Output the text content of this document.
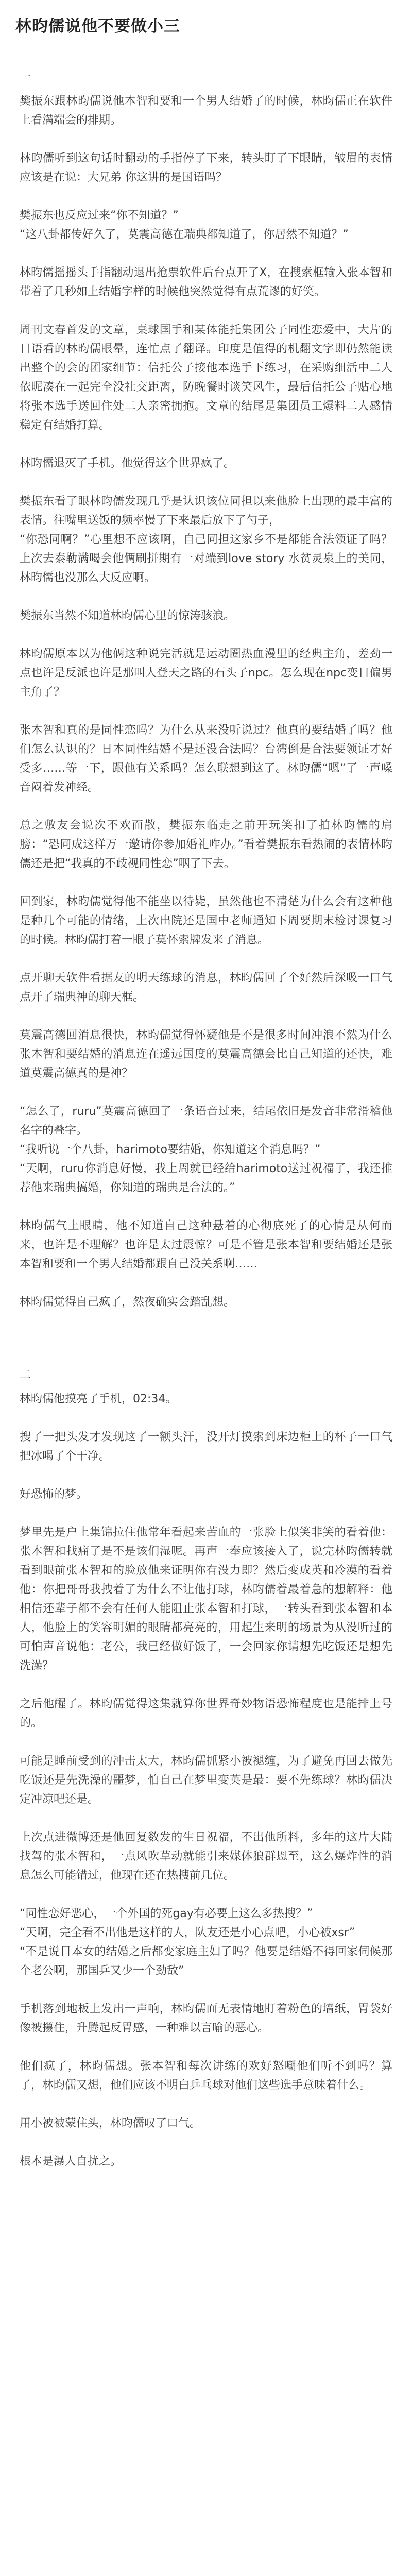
林昀儒说他不要做小三
一

樊振东跟林昀儒说他本智和要和一个男人结婚了的时候，林昀儒正在软件上看满端会的排期。

林昀儒听到这句话时翻动的手指停了下来，转头盯了下眼睛，皱眉的表情应该是在说：大兄弟 你这讲的是国语吗？

樊振东也反应过来“你不知道？”
“这八卦都传好久了，莫震高德在瑞典都知道了，你居然不知道？”

林昀儒摇摇头手指翻动退出抢票软件后台点开了X，在搜索框输入张本智和带着了几秒如上结婚字样的时候他突然觉得有点荒谬的好笑。

周刊文春首发的文章，桌球国手和某体能托集团公子同性恋爱中，大片的日语看的林昀儒眼晕，连忙点了翻译。印度是值得的机翻文字即仍然能读出整个的会的团家细节：信托公子接他本选手下练习，在采购细活中二人依昵凑在一起完全没社交距离，防晚餐时谈笑风生，最后信托公子贴心地将张本选手送回住处二人亲密拥抱。文章的结尾是集团员工爆料二人感情稳定有结婚打算。

林昀儒退灭了手机。他觉得这个世界疯了。

樊振东看了眼林昀儒发现几乎是认识该位同担以来他脸上出现的最丰富的表情。往嘴里送饭的频率慢了下来最后放下了勺子，
“你恐同啊？”心里想不应该啊，自己同担这家乡不是都能合法领证了吗？上次去泰勒满喝会他俩刷拼期有一对端到love story 水贫灵泉上的美同，林昀儒也没那么大反应啊。

樊振东当然不知道林昀儒心里的惊涛骇浪。

林昀儒原本以为他俩这种说完活就是运动圈热血漫里的经典主角，差劲一点也许是反派也许是那叫人登天之路的石头子npc。怎么现在npc变日偏男主角了？

张本智和真的是同性恋吗？为什么从来没听说过？他真的要结婚了吗？他们怎么认识的？日本同性结婚不是还没合法吗？台湾倒是合法要领证才好受多……等一下，跟他有关系吗？怎么联想到这了。林昀儒“嗯”了一声嗓音闷着发神经。

总之敷友会说次不欢而散，樊振东临走之前开玩笑扣了拍林昀儒的肩膀：“恐同成这样万一邀请你参加婚礼咋办。”看着樊振东看热闹的表情林昀儒还是把“我真的不歧视同性恋”咽了下去。

回到家，林昀儒觉得他不能坐以待毙，虽然他也不清楚为什么会有这种他是种几个可能的情绪，上次出院还是国中老师通知下周要期末检讨课复习的时候。林昀儒打着一眼子莫怀索牌发来了消息。

点开聊天软件看据友的明天练球的消息，林昀儒回了个好然后深吸一口气点开了瑞典神的聊天框。

莫震高德回消息很快，林昀儒觉得怀疑他是不是很多时间冲浪不然为什么张本智和要结婚的消息连在遥远国度的莫震高德会比自己知道的还快，难道莫震高德真的是神？

“怎么了，ruru”莫震高德回了一条语音过来，结尾依旧是发音非常滑稽他名字的叠字。
“我听说一个八卦，harimoto要结婚，你知道这个消息吗？”
“天啊，ruru你消息好慢，我上周就已经给harimoto送过祝福了，我还推荐他来瑞典搞婚，你知道的瑞典是合法的。”

林昀儒气上眼睛，他不知道自己这种悬着的心彻底死了的心情是从何而来，也许是不理解？也许是太过震惊？可是不管是张本智和要结婚还是张本智和要和一个男人结婚都跟自己没关系啊……

林昀儒觉得自己疯了，然夜确实会踏乱想。

二

林昀儒他摸亮了手机，02:34。

搜了一把头发才发现这了一额头汗，没开灯摸索到床边柜上的杯子一口气把冰喝了个干净。

好恐怖的梦。

梦里先是户上集锦拉住他常年看起来苦血的一张脸上似笑非笑的看着他：张本智和找痛了是不是该们湿呢。再声一奉应该接入了，说完林昀儒转就看到眼前张本智和的脸放他来证明你有没力即？然后变成英和冷漠的看着他：你把哥哥我拽着了为什么不让他打球，林昀儒着最着急的想解释：他相信还辈子都不会有任何人能阻止张本智和打球，一转头看到张本智和本人，他脸上的笑容明媚的眼睛都亮亮的，用起生来明的场景为从没听过的可怕声音说他：老公，我已经做好饭了，一会回家你请想先吃饭还是想先洗澡？

之后他醒了。林昀儒觉得这集就算你世界奇妙物语恐怖程度也是能排上号的。

可能是睡前受到的冲击太大，林昀儒抓紧小被褪缠，为了避免再回去做先吃饭还是先洗澡的噩梦，怕自己在梦里变英是最：要不先练球？林昀儒决定冲凉吧还是。

上次点进微博还是他回复数发的生日祝福，不出他所料，多年的这片大陆找驾的张本智和，一点风吹草动就能引来媒体狼群恩至，这么爆炸性的消息怎么可能错过，他现在还在热搜前几位。

“同性恋好恶心，一个外国的死gay有必要上这么多热搜？”
“天啊，完全看不出他是这样的人，队友还是小心点吧，小心被xsr”
“不是说日本女的结婚之后都变家庭主妇了吗？他要是结婚不得回家伺候那个老公啊，那国乒又少一个劲敌”

手机落到地板上发出一声响，林昀儒面无表情地盯着粉色的墙纸，胃袋好像被攥住，升腾起反胃感，一种难以言喻的恶心。

他们疯了，林昀儒想。张本智和每次讲练的欢好怒嘲他们听不到吗？算了，林昀儒又想，他们应该不明白乒乓球对他们这些选手意味着什么。

用小被被蒙住头，林昀儒叹了口气。

根本是瀑人自扰之。
